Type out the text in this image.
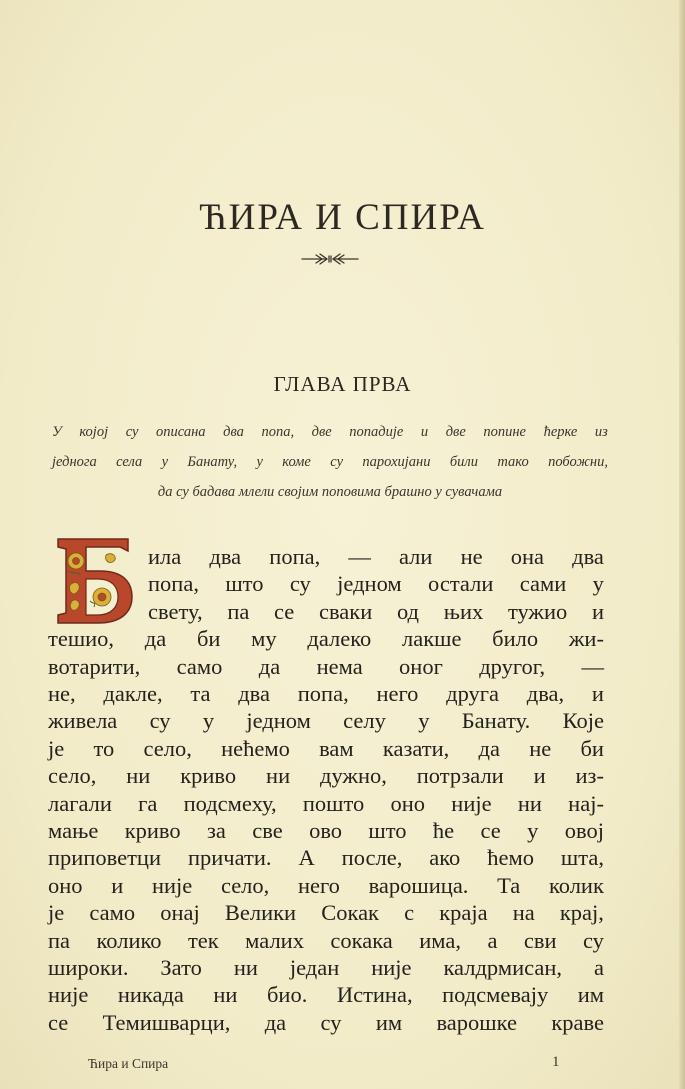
ЋИРА И СПИРА
ГЛАВА ПРВА
У којој су описана два попа, две попадије и две попине ћерке из
једнога села у Банату, у коме су парохијани били тако побожни,
да су бадава млели својим поповима брашно у сувачама
ила два попа, — али не она два
попа, што су једном остали сами у
свету, па се сваки од њих тужио и
тешио, да би му далеко лакше било жи-
вотарити, само да нема оног другог, —
не, дакле, та два попа, него друга два, и
живела су у једном селу у Банату. Које
је то село, нећемо вам казати, да не би
село, ни криво ни дужно, потрзали и из-
лагали га подсмеху, пошто оно није ни нај-
мање криво за све ово што ће се у овој
приповетци причати. А после, ако ћемо шта,
оно и није село, него варошица. Та колик
је само онај Велики Сокак с краја на крај,
па колико тек малих сокака има, а сви су
широки. Зато ни један није калдрмисан, а
није никада ни био. Истина, подсмевају им
се Темишварци, да су им варошке краве
Ћира и Спира	1
